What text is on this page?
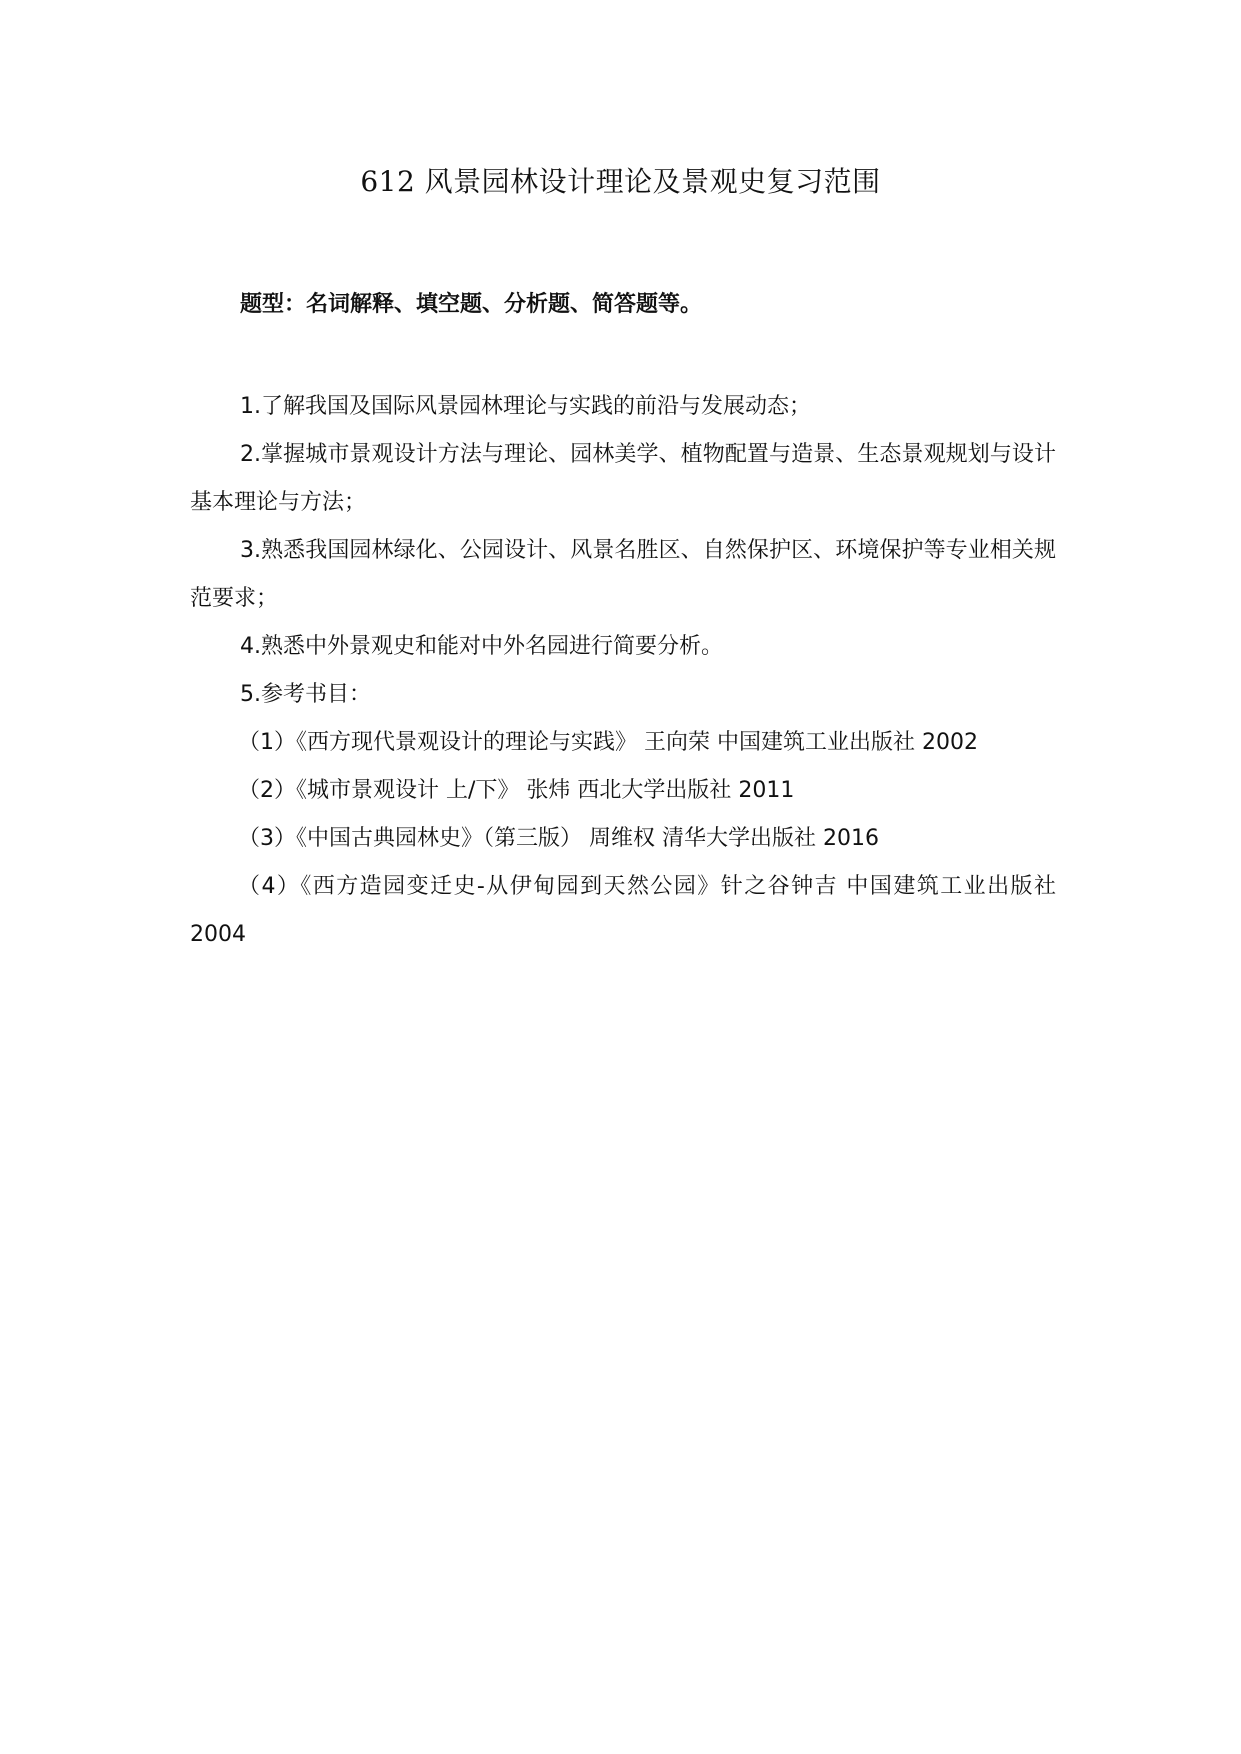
612 风景园林设计理论及景观史复习范围
题型：名词解释、填空题、分析题、简答题等。

1.了解我国及国际风景园林理论与实践的前沿与发展动态；

2.掌握城市景观设计方法与理论、园林美学、植物配置与造景、生态景观规划与设计基本理论与方法；

3.熟悉我国园林绿化、公园设计、风景名胜区、自然保护区、环境保护等专业相关规范要求；

4.熟悉中外景观史和能对中外名园进行简要分析。

5.参考书目：

（1）《西方现代景观设计的理论与实践》 王向荣 中国建筑工业出版社 2002

（2）《城市景观设计 上/下》 张炜 西北大学出版社 2011

（3）《中国古典园林史》（第三版） 周维权 清华大学出版社 2016

（4）《西方造园变迁史-从伊甸园到天然公园》针之谷钟吉 中国建筑工业出版社 2004
